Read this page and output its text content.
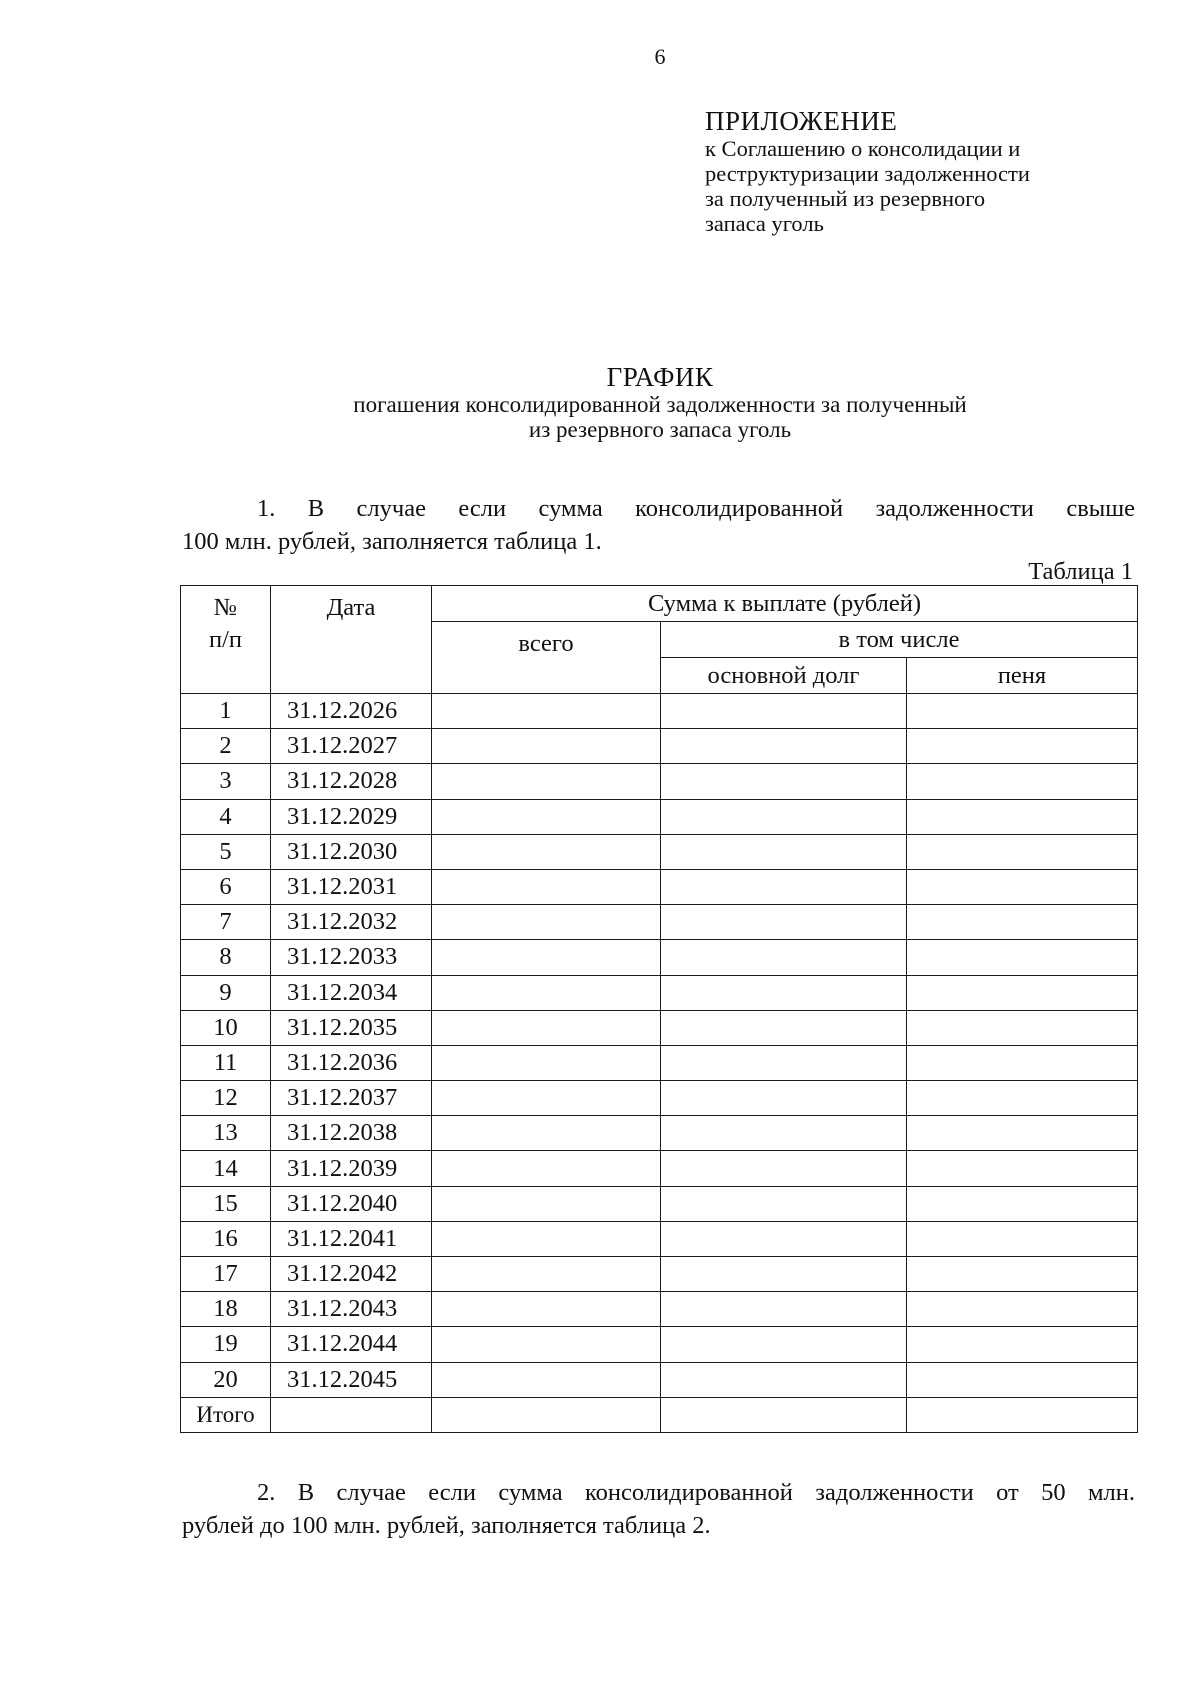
6
ПРИЛОЖЕНИЕ
к Соглашению о консолидации и
реструктуризации задолженности
за полученный из резервного
запаса уголь
ГРАФИК
погашения консолидированной задолженности за полученный
из резервного запаса уголь
1. В случае если сумма консолидированной задолженности свыше
100 млн. рублей, заполняется таблица 1.
Таблица 1
№
п/п	Дата	Сумма к выплате (рублей)		
		всего	в том числе	
			основной долг	пеня
1	31.12.2026			
2	31.12.2027			
3	31.12.2028			
4	31.12.2029			
5	31.12.2030			
6	31.12.2031			
7	31.12.2032			
8	31.12.2033			
9	31.12.2034			
10	31.12.2035			
11	31.12.2036			
12	31.12.2037			
13	31.12.2038			
14	31.12.2039			
15	31.12.2040			
16	31.12.2041			
17	31.12.2042			
18	31.12.2043			
19	31.12.2044			
20	31.12.2045			
Итого				
2. В случае если сумма консолидированной задолженности от 50 млн.
рублей до 100 млн. рублей, заполняется таблица 2.
